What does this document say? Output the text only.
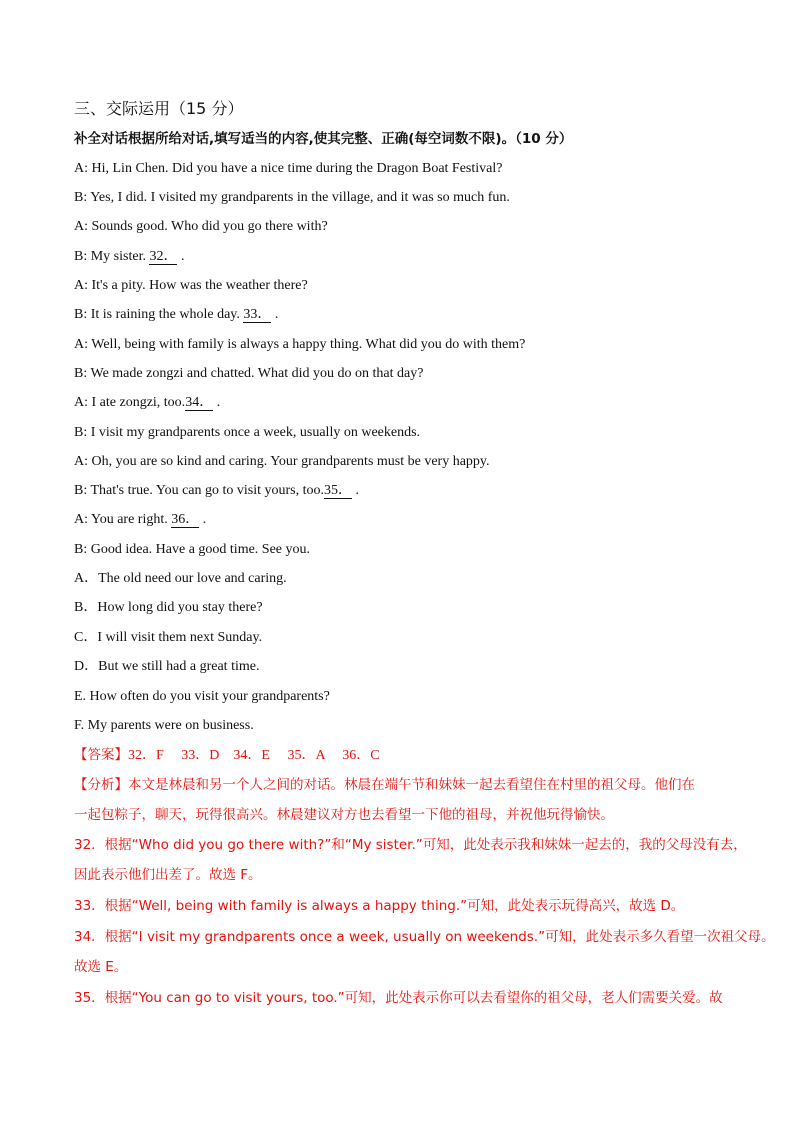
三、交际运用（15 分）
补全对话根据所给对话,填写适当的内容,使其完整、正确(每空词数不限)。（10 分）
A: Hi, Lin Chen. Did you have a nice time during the Dragon Boat Festival?
B: Yes, I did. I visited my grandparents in the village, and it was so much fun.
A: Sounds good. Who did you go there with?
B: My sister. 32． .
A: It's a pity. How was the weather there?
B: It is raining the whole day. 33． .
A: Well, being with family is always a happy thing. What did you do with them?
B: We made zongzi and chatted. What did you do on that day?
A: I ate zongzi, too.34． .
B: I visit my grandparents once a week, usually on weekends.
A: Oh, you are so kind and caring. Your grandparents must be very happy.
B: That's true. You can go to visit yours, too.35． .
A: You are right. 36． .
B: Good idea. Have a good time. See you.
A．The old need our love and caring.
B．How long did you stay there?
C．I will visit them next Sunday.
D．But we still had a great time.
E. How often do you visit your grandparents?
F. My parents were on business.
【答案】32．F　 33．D　34．E　 35．A　 36．C
【分析】本文是林晨和另一个人之间的对话。林晨在端午节和妹妹一起去看望住在村里的祖父母。他们在
一起包粽子，聊天，玩得很高兴。林晨建议对方也去看望一下他的祖母，并祝他玩得愉快。
32．根据“Who did you go there with?”和“My sister.”可知，此处表示我和妹妹一起去的，我的父母没有去，
因此表示他们出差了。故选 F。
33．根据“Well, being with family is always a happy thing.”可知，此处表示玩得高兴，故选 D。
34．根据“I visit my grandparents once a week, usually on weekends.”可知，此处表示多久看望一次祖父母。
故选 E。
35．根据“You can go to visit yours, too.”可知，此处表示你可以去看望你的祖父母，老人们需要关爱。故
